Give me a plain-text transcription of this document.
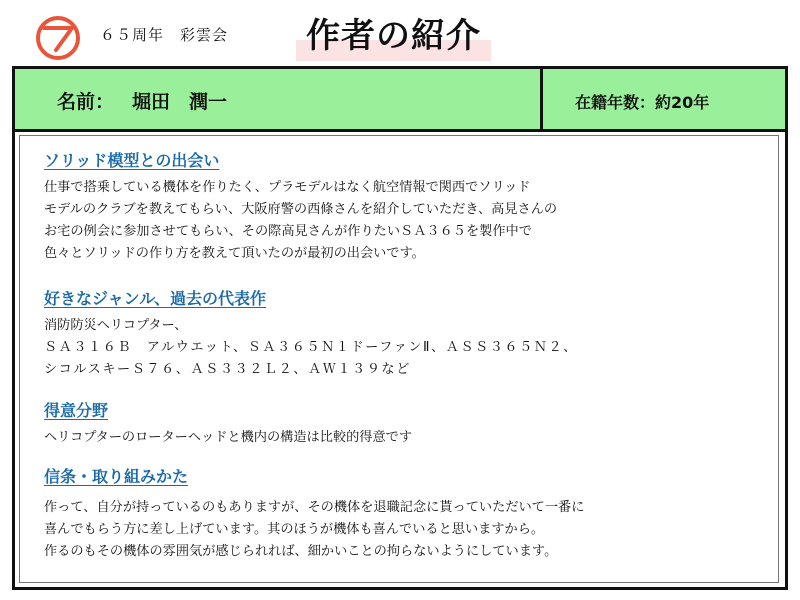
６５周年　彩雲会 作者の紹介
名前： 堀田　潤一	在籍年数：約20年
ソリッド模型との出会い
仕事で搭乗している機体を作りたく、プラモデルはなく航空情報で関西でソリッド
モデルのクラブを教えてもらい、大阪府警の西條さんを紹介していただき、高見さんの
お宅の例会に参加させてもらい、その際高見さんが作りたいＳＡ３６５を製作中で
色々とソリッドの作り方を教えて頂いたのが最初の出会いです。
好きなジャンル、過去の代表作
消防防災ヘリコプター、
ＳＡ３１６Ｂ　アルウエット、ＳＡ３６５Ｎ１ドーファンⅡ、ＡＳＳ３６５Ｎ２、
シコルスキーＳ７６、ＡＳ３３２Ｌ２、ＡＷ１３９など
得意分野
ヘリコプターのローターヘッドと機内の構造は比較的得意です
信条・取り組みかた
作って、自分が持っているのもありますが、その機体を退職記念に貰っていただいて一番に
喜んでもらう方に差し上げています。其のほうが機体も喜んでいると思いますから。
作るのもその機体の雰囲気が感じられれば、細かいことの拘らないようにしています。
